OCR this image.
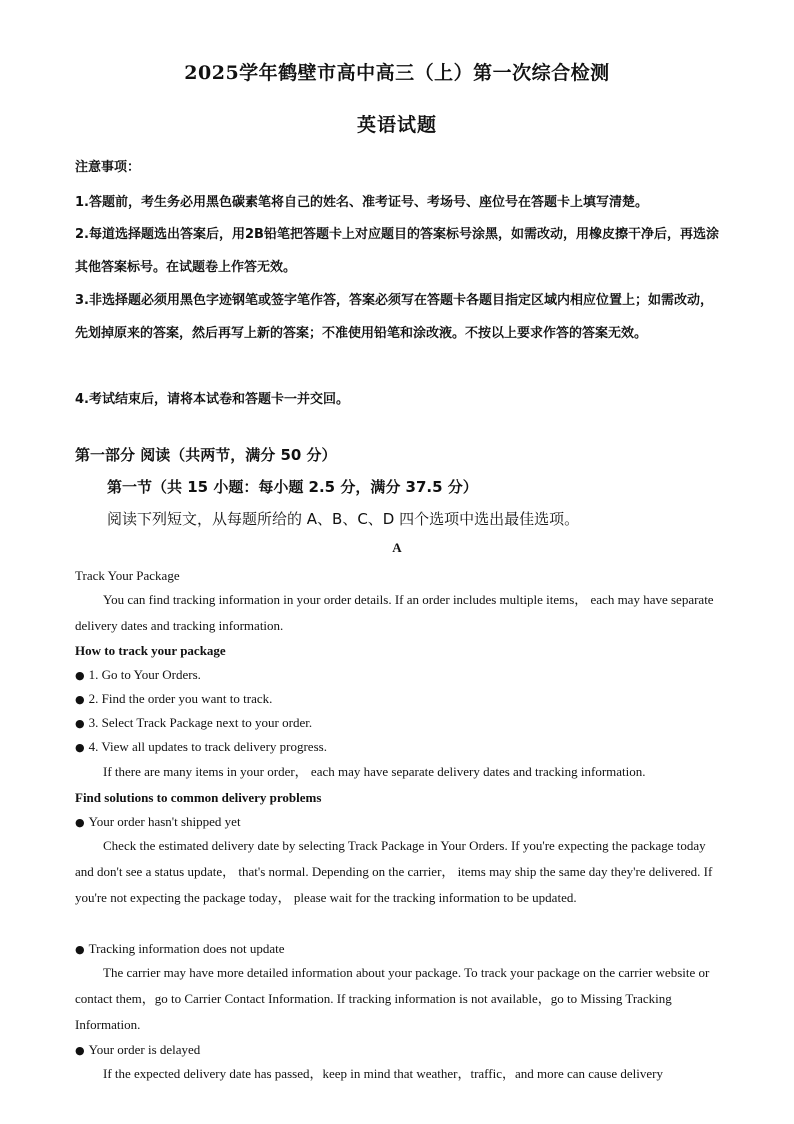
2025学年鹤壁市高中高三（上）第一次综合检测
英语试题

注意事项：

1.答题前，考生务必用黑色碳素笔将自己的姓名、准考证号、考场号、座位号在答题卡上填写清楚。

2.每道选择题选出答案后，用2B铅笔把答题卡上对应题目的答案标号涂黑，如需改动，用橡皮擦干净后，再选涂其他答案标号。在试题卷上作答无效。

3.非选择题必须用黑色字迹钢笔或签字笔作答，答案必须写在答题卡各题目指定区域内相应位置上；如需改动，先划掉原来的答案，然后再写上新的答案；不准使用铅笔和涂改液。不按以上要求作答的答案无效。

4.考试结束后，请将本试卷和答题卡一并交回。

第一部分 阅读（共两节，满分 50 分）

第一节（共 15 小题：每小题 2.5 分，满分 37.5 分）

阅读下列短文，从每题所给的 A、B、C、D 四个选项中选出最佳选项。

A

Track Your Package

You can find tracking information in your order details. If an order includes multiple items， each may have separate delivery dates and tracking information.

How to track your package

● 1. Go to Your Orders.

● 2. Find the order you want to track.

● 3. Select Track Package next to your order.

● 4. View all updates to track delivery progress.

If there are many items in your order， each may have separate delivery dates and tracking information.

Find solutions to common delivery problems

● Your order hasn't shipped yet

Check the estimated delivery date by selecting Track Package in Your Orders. If you're expecting the package today and don't see a status update， that's normal. Depending on the carrier， items may ship the same day they're delivered. If you're not expecting the package today， please wait for the tracking information to be updated.

● Tracking information does not update

The carrier may have more detailed information about your package. To track your package on the carrier website or contact them，go to Carrier Contact Information. If tracking information is not available，go to Missing Tracking Information.

● Your order is delayed

If the expected delivery date has passed，keep in mind that weather，traffic，and more can cause delivery
